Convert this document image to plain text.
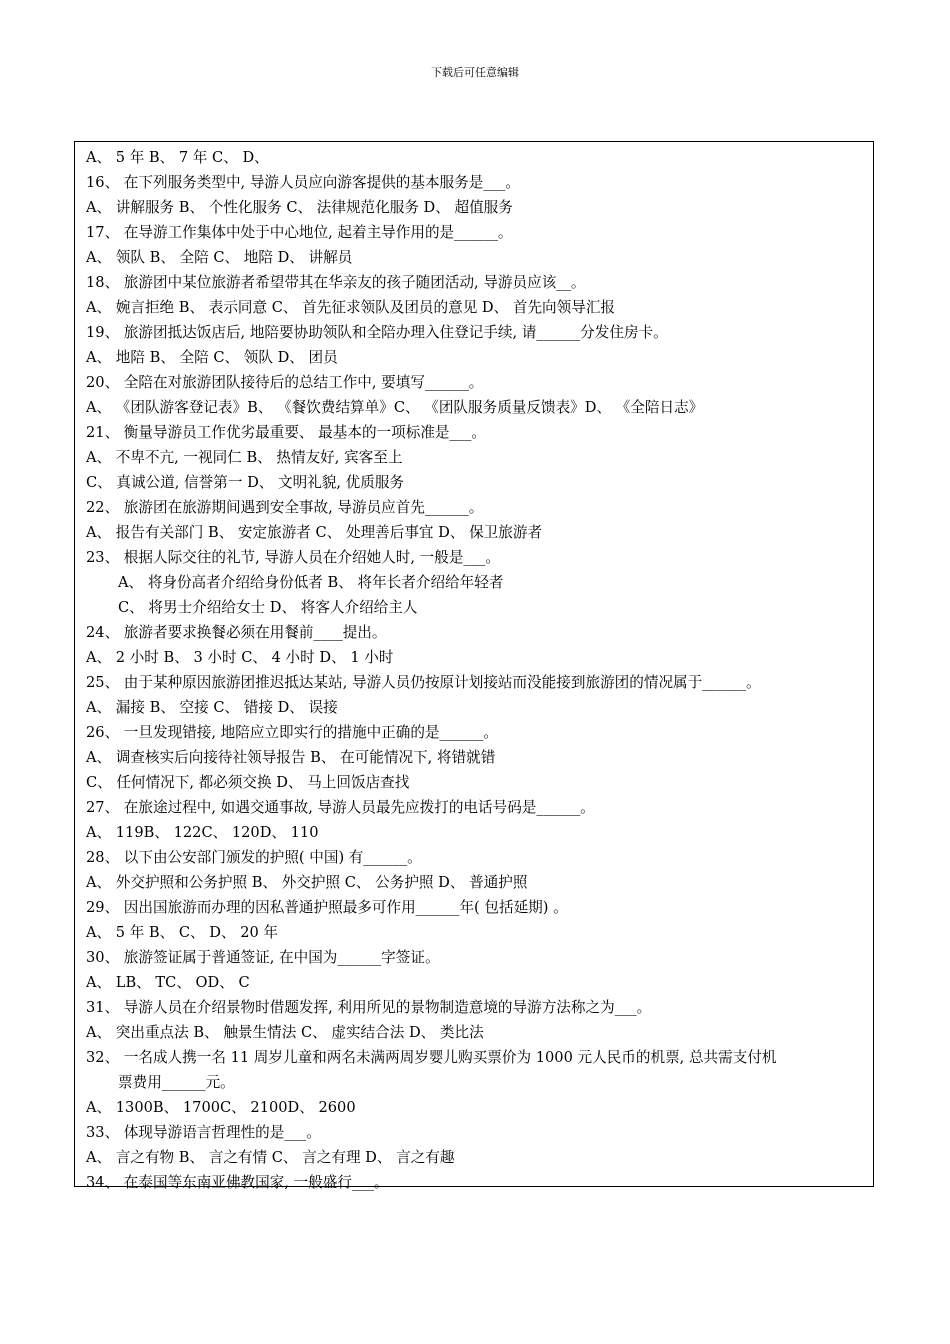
下载后可任意编辑
A、 5 年 B、 7 年 C、 D、
16、 在下列服务类型中, 导游人员应向游客提供的基本服务是___。
A、 讲解服务 B、 个性化服务 C、 法律规范化服务 D、 超值服务
17、 在导游工作集体中处于中心地位, 起着主导作用的是______。
A、 领队 B、 全陪 C、 地陪 D、 讲解员
18、 旅游团中某位旅游者希望带其在华亲友的孩子随团活动, 导游员应该__。
A、 婉言拒绝 B、 表示同意 C、 首先征求领队及团员的意见 D、 首先向领导汇报
19、 旅游团抵达饭店后, 地陪要协助领队和全陪办理入住登记手续, 请______分发住房卡。
A、 地陪 B、 全陪 C、 领队 D、 团员
20、 全陪在对旅游团队接待后的总结工作中, 要填写______。
A、 《团队游客登记表》B、 《餐饮费结算单》C、 《团队服务质量反馈表》D、 《全陪日志》
21、 衡量导游员工作优劣最重要、 最基本的一项标准是___。
A、 不卑不亢, 一视同仁 B、 热情友好, 宾客至上
C、 真诚公道, 信誉第一 D、 文明礼貌, 优质服务
22、 旅游团在旅游期间遇到安全事故, 导游员应首先______。
A、 报告有关部门 B、 安定旅游者 C、 处理善后事宜 D、 保卫旅游者
23、 根据人际交往的礼节, 导游人员在介绍她人时, 一般是___。
A、 将身份高者介绍给身份低者 B、 将年长者介绍给年轻者
C、 将男士介绍给女士 D、 将客人介绍给主人
24、 旅游者要求换餐必须在用餐前____提出。
A、 2 小时 B、 3 小时 C、 4 小时 D、 1 小时
25、 由于某种原因旅游团推迟抵达某站, 导游人员仍按原计划接站而没能接到旅游团的情况属于______。
A、 漏接 B、 空接 C、 错接 D、 误接
26、 一旦发现错接, 地陪应立即实行的措施中正确的是______。
A、 调查核实后向接待社领导报告 B、 在可能情况下, 将错就错
C、 任何情况下, 都必须交换 D、 马上回饭店查找
27、 在旅途过程中, 如遇交通事故, 导游人员最先应拨打的电话号码是______。
A、 119B、 122C、 120D、 110
28、 以下由公安部门颁发的护照( 中国) 有______。
A、 外交护照和公务护照 B、 外交护照 C、 公务护照 D、 普通护照
29、 因出国旅游而办理的因私普通护照最多可作用______年( 包括延期) 。
A、 5 年 B、 C、 D、 20 年
30、 旅游签证属于普通签证, 在中国为______字签证。
A、 LB、 TC、 OD、 C
31、 导游人员在介绍景物时借题发挥, 利用所见的景物制造意境的导游方法称之为___。
A、 突出重点法 B、 触景生情法 C、 虚实结合法 D、 类比法
32、 一名成人携一名 11 周岁儿童和两名未满两周岁婴儿购买票价为 1000 元人民币的机票, 总共需支付机
票费用______元。
A、 1300B、 1700C、 2100D、 2600
33、 体现导游语言哲理性的是___。
A、 言之有物 B、 言之有情 C、 言之有理 D、 言之有趣
34、 在泰国等东南亚佛教国家, 一般盛行___。
